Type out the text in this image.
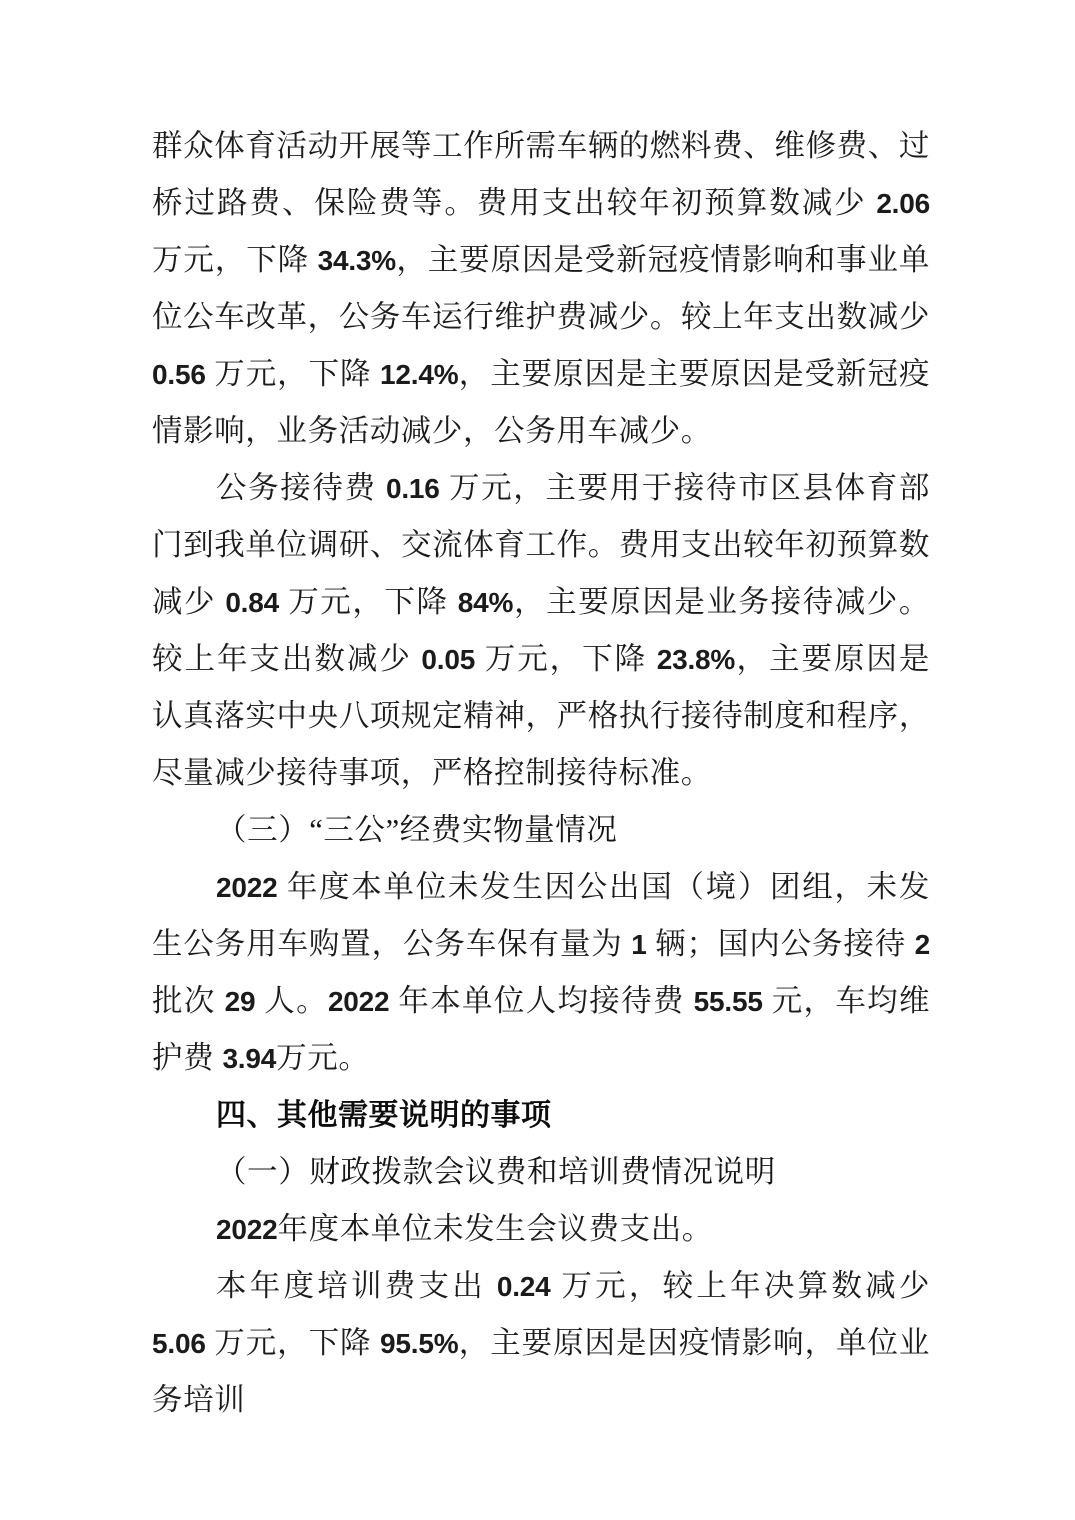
群众体育活动开展等工作所需车辆的燃料费、维修费、过桥过路费、保险费等。费用支出较年初预算数减少 2.06 万元，下降 34.3%，主要原因是受新冠疫情影响和事业单位公车改革，公务车运行维护费减少。较上年支出数减少 0.56 万元，下降 12.4%，主要原因是主要原因是受新冠疫情影响，业务活动减少，公务用车减少。

公务接待费 0.16 万元，主要用于接待市区县体育部门到我单位调研、交流体育工作。费用支出较年初预算数减少 0.84 万元，下降 84%，主要原因是业务接待减少。较上年支出数减少 0.05 万元，下降 23.8%，主要原因是认真落实中央八项规定精神，严格执行接待制度和程序，尽量减少接待事项，严格控制接待标准。

（三）“三公”经费实物量情况

2022 年度本单位未发生因公出国（境）团组，未发生公务用车购置，公务车保有量为 1 辆；国内公务接待 2 批次 29 人。2022 年本单位人均接待费 55.55 元，车均维护费 3.94万元。

四、其他需要说明的事项

（一）财政拨款会议费和培训费情况说明

2022年度本单位未发生会议费支出。

本年度培训费支出 0.24 万元，较上年决算数减少 5.06 万元，下降 95.5%，主要原因是因疫情影响，单位业务培训
